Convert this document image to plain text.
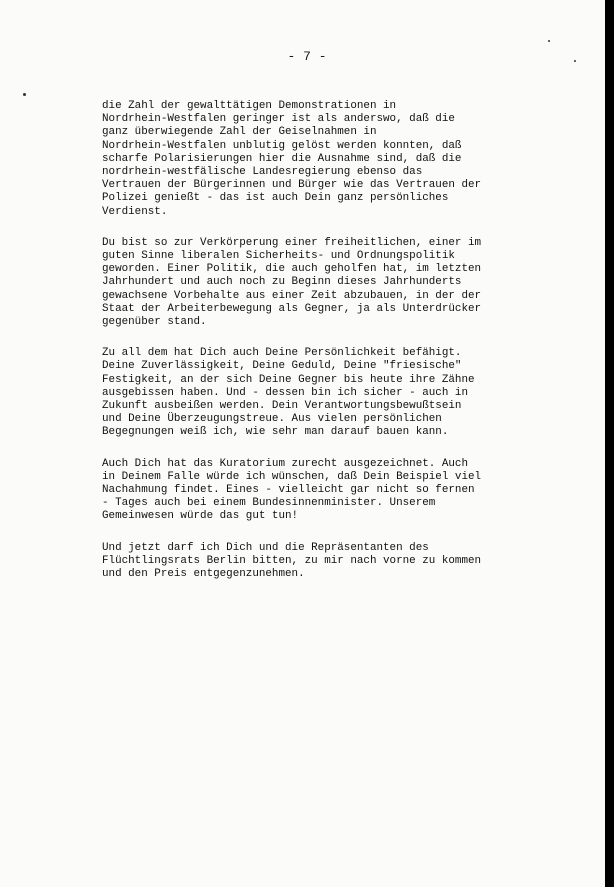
- 7 -

die Zahl der gewalttätigen Demonstrationen in
Nordrhein-Westfalen geringer ist als anderswo, daß die
ganz überwiegende Zahl der Geiselnahmen in
Nordrhein-Westfalen unblutig gelöst werden konnten, daß
scharfe Polarisierungen hier die Ausnahme sind, daß die
nordrhein-westfälische Landesregierung ebenso das
Vertrauen der Bürgerinnen und Bürger wie das Vertrauen der
Polizei genießt - das ist auch Dein ganz persönliches
Verdienst.

Du bist so zur Verkörperung einer freiheitlichen, einer im
guten Sinne liberalen Sicherheits- und Ordnungspolitik
geworden. Einer Politik, die auch geholfen hat, im letzten
Jahrhundert und auch noch zu Beginn dieses Jahrhunderts
gewachsene Vorbehalte aus einer Zeit abzubauen, in der der
Staat der Arbeiterbewegung als Gegner, ja als Unterdrücker
gegenüber stand.

Zu all dem hat Dich auch Deine Persönlichkeit befähigt.
Deine Zuverlässigkeit, Deine Geduld, Deine "friesische"
Festigkeit, an der sich Deine Gegner bis heute ihre Zähne
ausgebissen haben. Und - dessen bin ich sicher - auch in
Zukunft ausbeißen werden. Dein Verantwortungsbewußtsein
und Deine Überzeugungstreue. Aus vielen persönlichen
Begegnungen weiß ich, wie sehr man darauf bauen kann.

Auch Dich hat das Kuratorium zurecht ausgezeichnet. Auch
in Deinem Falle würde ich wünschen, daß Dein Beispiel viel
Nachahmung findet. Eines - vielleicht gar nicht so fernen
- Tages auch bei einem Bundesinnenminister. Unserem
Gemeinwesen würde das gut tun!

Und jetzt darf ich Dich und die Repräsentanten des
Flüchtlingsrats Berlin bitten, zu mir nach vorne zu kommen
und den Preis entgegenzunehmen.
